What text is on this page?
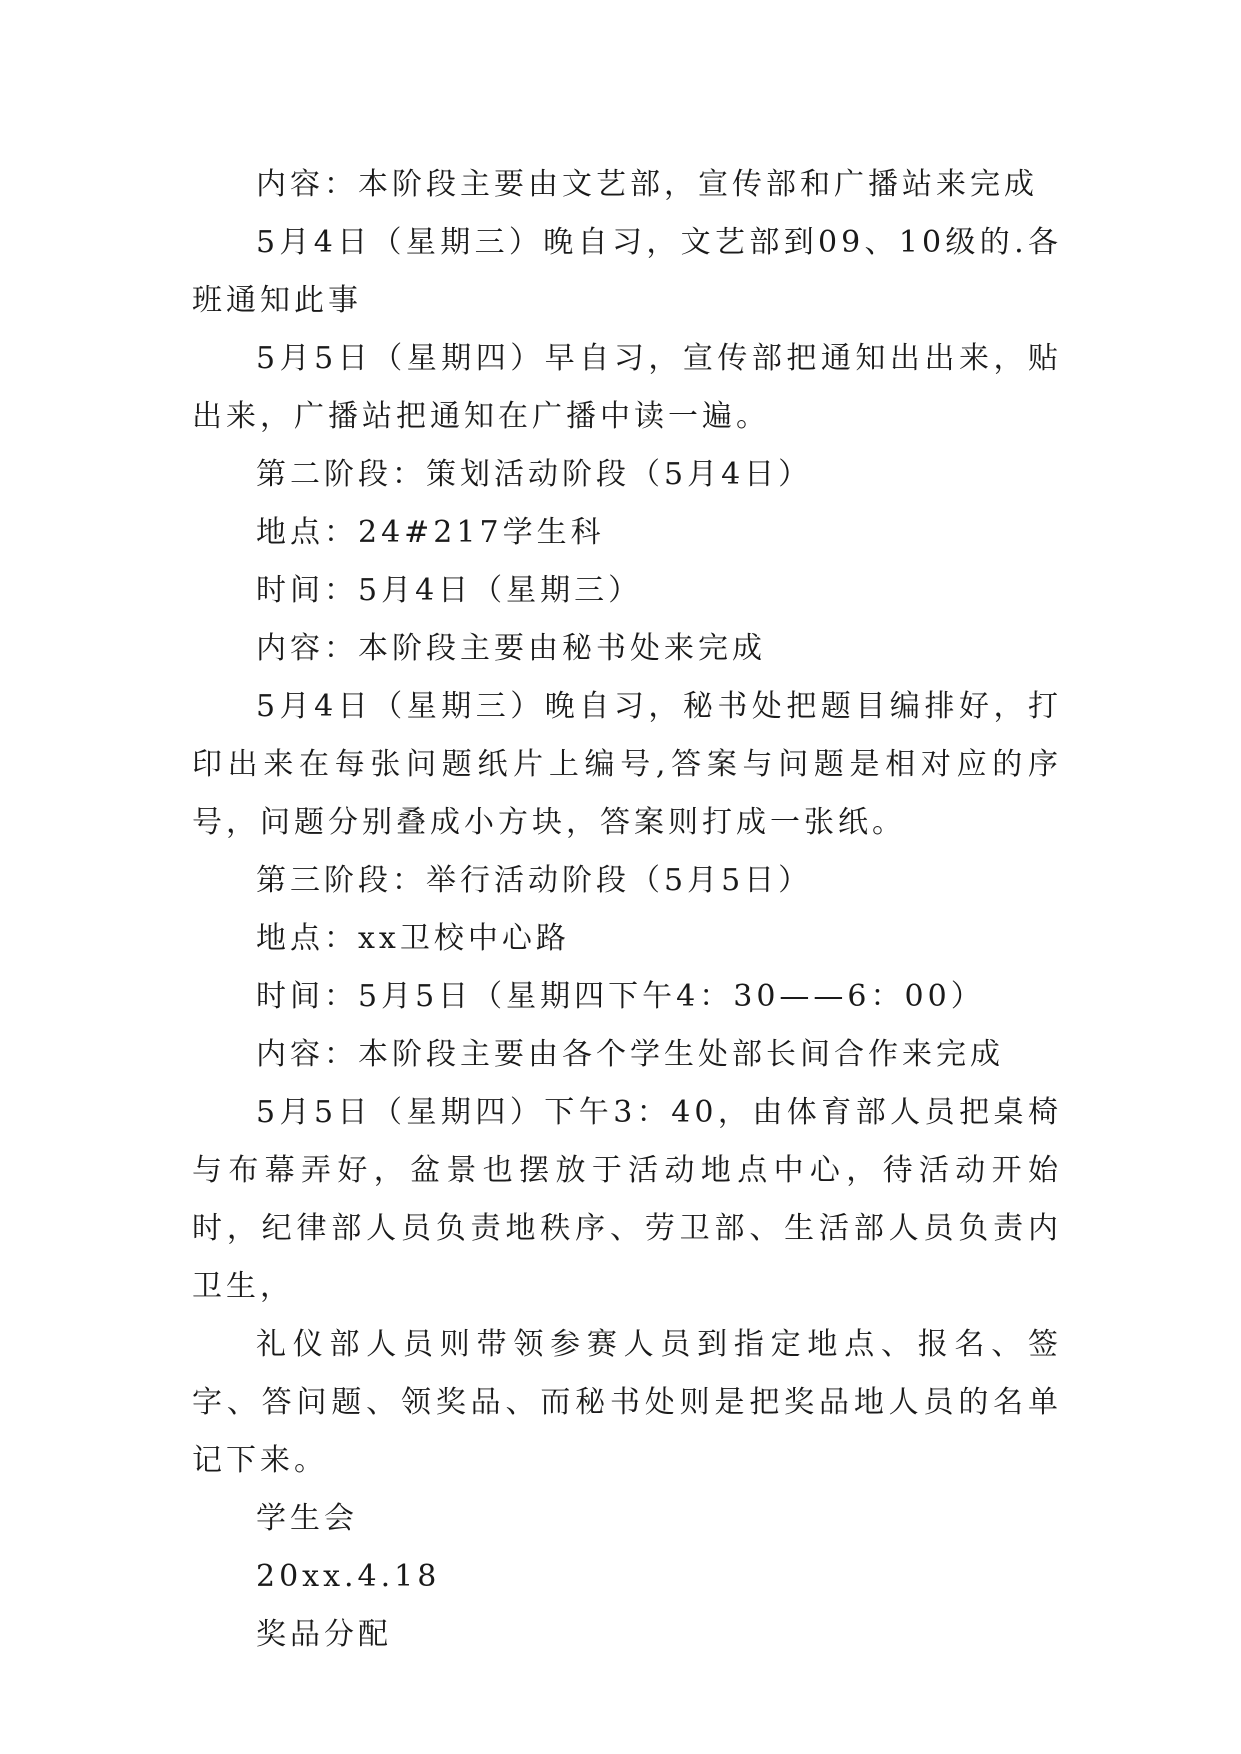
内容：本阶段主要由文艺部，宣传部和广播站来完成

5月4日（星期三）晚自习，文艺部到09、10级的.各班通知此事

5月5日（星期四）早自习，宣传部把通知出出来，贴出来，广播站把通知在广播中读一遍。

第二阶段：策划活动阶段（5月4日）

地点：24#217学生科

时间：5月4日（星期三）

内容：本阶段主要由秘书处来完成

5月4日（星期三）晚自习，秘书处把题目编排好，打印出来在每张问题纸片上编号,答案与问题是相对应的序号，问题分别叠成小方块，答案则打成一张纸。

第三阶段：举行活动阶段（5月5日）

地点：xx卫校中心路

时间：5月5日（星期四下午4：30——6：00）

内容：本阶段主要由各个学生处部长间合作来完成

5月5日（星期四）下午3：40，由体育部人员把桌椅与布幕弄好，盆景也摆放于活动地点中心，待活动开始时，纪律部人员负责地秩序、劳卫部、生活部人员负责内卫生，

礼仪部人员则带领参赛人员到指定地点、报名、签字、答问题、领奖品、而秘书处则是把奖品地人员的名单记下来。

学生会

20xx.4.18

奖品分配
